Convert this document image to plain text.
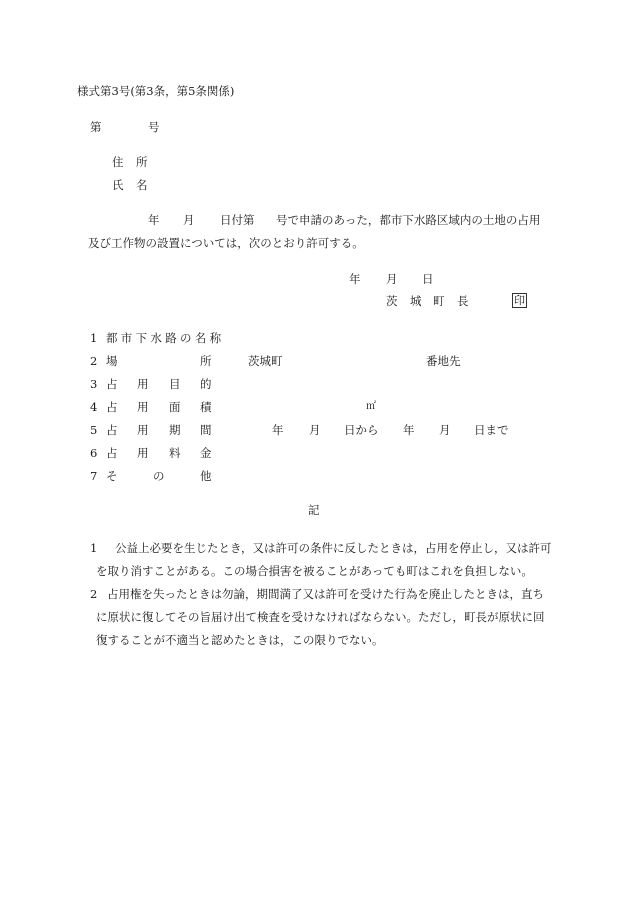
様式第3号(第3条，第5条関係)
第	号
住 所
氏 名
年 月 日付第 号で申請のあった，都市下水路区域内の土地の占用
及び工作物の設置については，次のとおり許可する。
年 月 日
茨 城 町 長	印
1 都市下水路の名称
2 場	所	茨城町	番地先
3 占 用 目 的
4 占 用 面 積	㎡
5 占 用 期 間	年 月 日から 年 月 日まで
6 占 用 料 金
7 そ	の	他
記
1 公益上必要を生じたとき，又は許可の条件に反したときは，占用を停止し，又は許可
を取り消すことがある。この場合損害を被ることがあっても町はこれを負担しない。
2 占用権を失ったときは勿論，期間満了又は許可を受けた行為を廃止したときは，直ち
に原状に復してその旨届け出て検査を受けなければならない。ただし，町長が原状に回
復することが不適当と認めたときは，この限りでない。
